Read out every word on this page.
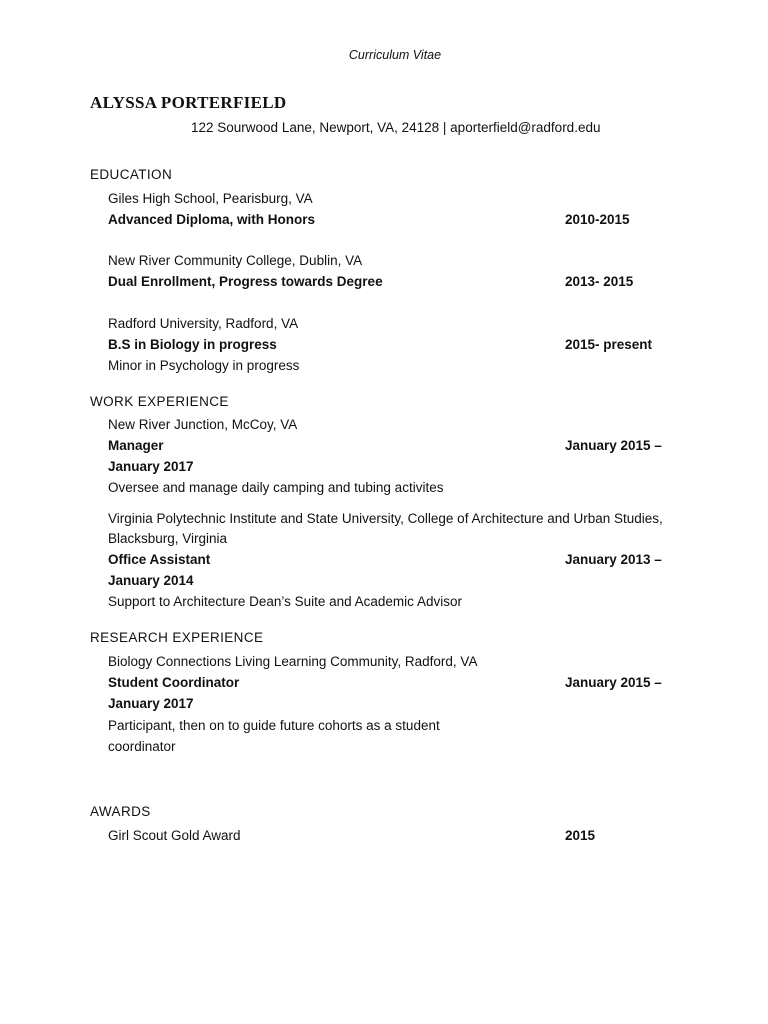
Curriculum Vitae
ALYSSA PORTERFIELD
122 Sourwood Lane, Newport, VA, 24128 | aporterfield@radford.edu
EDUCATION
Giles High School, Pearisburg, VA
Advanced Diploma, with Honors	2010-2015
New River Community College, Dublin, VA
Dual Enrollment, Progress towards Degree	2013- 2015
Radford University, Radford, VA
B.S in Biology in progress	2015- present
Minor in Psychology in progress
WORK EXPERIENCE
New River Junction, McCoy, VA
Manager	January 2015 –
January 2017
Oversee and manage daily camping and tubing activites
Virginia Polytechnic Institute and State University, College of Architecture and Urban Studies,
Blacksburg, Virginia
Office Assistant	January 2013 –
January 2014
Support to Architecture Dean’s Suite and Academic Advisor
RESEARCH EXPERIENCE
Biology Connections Living Learning Community, Radford, VA
Student Coordinator	January 2015 –
January 2017
Participant, then on to guide future cohorts as a student coordinator
AWARDS
Girl Scout Gold Award	2015
